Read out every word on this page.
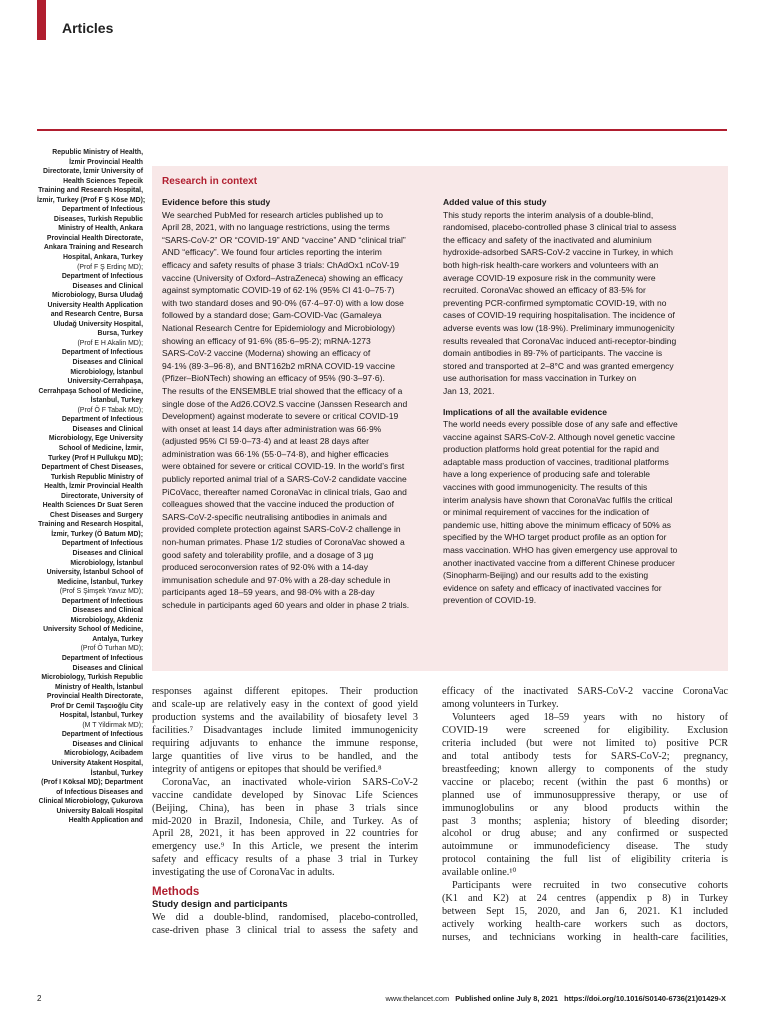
Articles
Republic Ministry of Health,
İzmir Provincial Health
Directorate, İzmir University of
Health Sciences Tepecik
Training and Research Hospital,
İzmir, Turkey (Prof F Ş Köse MD);
Department of Infectious
Diseases, Turkish Republic
Ministry of Health, Ankara
Provincial Health Directorate,
Ankara Training and Research
Hospital, Ankara, Turkey
(Prof F Ş Erdinç MD);
Department of Infectious
Diseases and Clinical
Microbiology, Bursa Uludağ
University Health Application
and Research Centre, Bursa
Uludağ University Hospital,
Bursa, Turkey
(Prof E H Akalin MD);
Department of Infectious
Diseases and Clinical
Microbiology, İstanbul
University-Cerrahpaşa,
Cerrahpaşa School of Medicine,
İstanbul, Turkey
(Prof Ö F Tabak MD);
Department of Infectious
Diseases and Clinical
Microbiology, Ege University
School of Medicine, İzmir,
Turkey (Prof H Pullukçu MD);
Department of Chest Diseases,
Turkish Republic Ministry of
Health, İzmir Provincial Health
Directorate, University of
Health Sciences Dr Suat Seren
Chest Diseases and Surgery
Training and Research Hospital,
İzmir, Turkey (Ö Batum MD);
Department of Infectious
Diseases and Clinical
Microbiology, İstanbul
University, İstanbul School of
Medicine, İstanbul, Turkey
(Prof S Şimşek Yavuz MD);
Department of Infectious
Diseases and Clinical
Microbiology, Akdeniz
University School of Medicine,
Antalya, Turkey
(Prof Ö Turhan MD);
Department of Infectious
Diseases and Clinical
Microbiology, Turkish Republic
Ministry of Health, İstanbul
Provincial Health Directorate,
Prof Dr Cemil Taşcıoğlu City
Hospital, İstanbul, Turkey
(M T Yildirmak MD);
Department of Infectious
Diseases and Clinical
Microbiology, Acibadem
University Atakent Hospital,
İstanbul, Turkey
(Prof I Köksal MD); Department
of Infectious Diseases and
Clinical Microbiology, Çukurova
University Balcali Hospital
Health Application and
Research in context
Evidence before this study
We searched PubMed for research articles published up to
April 28, 2021, with no language restrictions, using the terms
“SARS-CoV-2” OR “COVID-19” AND “vaccine” AND “clinical trial”
AND “efficacy”. We found four articles reporting the interim
efficacy and safety results of phase 3 trials: ChAdOx1 nCoV-19
vaccine (University of Oxford–AstraZeneca) showing an efficacy
against symptomatic COVID-19 of 62·1% (95% CI 41·0–75·7)
with two standard doses and 90·0% (67·4–97·0) with a low dose
followed by a standard dose; Gam-COVID-Vac (Gamaleya
National Research Centre for Epidemiology and Microbiology)
showing an efficacy of 91·6% (85·6–95·2); mRNA-1273
SARS-CoV-2 vaccine (Moderna) showing an efficacy of
94·1% (89·3–96·8), and BNT162b2 mRNA COVID-19 vaccine
(Pfizer–BioNTech) showing an efficacy of 95% (90·3–97·6).
The results of the ENSEMBLE trial showed that the efficacy of a
single dose of the Ad26.COV2.S vaccine (Janssen Research and
Development) against moderate to severe or critical COVID-19
with onset at least 14 days after administration was 66·9%
(adjusted 95% CI 59·0–73·4) and at least 28 days after
administration was 66·1% (55·0–74·8), and higher efficacies
were obtained for severe or critical COVID-19. In the world’s first
publicly reported animal trial of a SARS-CoV-2 candidate vaccine
PiCoVacc, thereafter named CoronaVac in clinical trials, Gao and
colleagues showed that the vaccine induced the production of
SARS-CoV-2-specific neutralising antibodies in animals and
provided complete protection against SARS-CoV-2 challenge in
non-human primates. Phase 1/2 studies of CoronaVac showed a
good safety and tolerability profile, and a dosage of 3 µg
produced seroconversion rates of 92·0% with a 14-day
immunisation schedule and 97·0% with a 28-day schedule in
participants aged 18–59 years, and 98·0% with a 28-day
schedule in participants aged 60 years and older in phase 2 trials.
Added value of this study
This study reports the interim analysis of a double-blind,
randomised, placebo-controlled phase 3 clinical trial to assess
the efficacy and safety of the inactivated and aluminium
hydroxide-adsorbed SARS-CoV-2 vaccine in Turkey, in which
both high-risk health-care workers and volunteers with an
average COVID-19 exposure risk in the community were
recruited. CoronaVac showed an efficacy of 83·5% for
preventing PCR-confirmed symptomatic COVID-19, with no
cases of COVID-19 requiring hospitalisation. The incidence of
adverse events was low (18·9%). Preliminary immunogenicity
results revealed that CoronaVac induced anti-receptor-binding
domain antibodies in 89·7% of participants. The vaccine is
stored and transported at 2–8°C and was granted emergency
use authorisation for mass vaccination in Turkey on
Jan 13, 2021.
Implications of all the available evidence
The world needs every possible dose of any safe and effective
vaccine against SARS-CoV-2. Although novel genetic vaccine
production platforms hold great potential for the rapid and
adaptable mass production of vaccines, traditional platforms
have a long experience of producing safe and tolerable
vaccines with good immunogenicity. The results of this
interim analysis have shown that CoronaVac fulfils the critical
or minimal requirement of vaccines for the indication of
pandemic use, hitting above the minimum efficacy of 50% as
specified by the WHO target product profile as an option for
mass vaccination. WHO has given emergency use approval to
another inactivated vaccine from a different Chinese producer
(Sinopharm-Beijing) and our results add to the existing
evidence on safety and efficacy of inactivated vaccines for
prevention of COVID-19.
responses against different epitopes. Their production
and scale-up are relatively easy in the context of good yield
production systems and the availability of biosafety level 3
facilities.⁷ Disadvantages include limited immunogenicity
requiring adjuvants to enhance the immune response,
large quantities of live virus to be handled, and the
integrity of antigens or epitopes that should be verified.⁸
CoronaVac, an inactivated whole-virion SARS-CoV-2
vaccine candidate developed by Sinovac Life Sciences
(Beijing, China), has been in phase 3 trials since
mid-2020 in Brazil, Indonesia, Chile, and Turkey. As of
April 28, 2021, it has been approved in 22 countries for
emergency use.⁹ In this Article, we present the interim
safety and efficacy results of a phase 3 trial in Turkey
investigating the use of CoronaVac in adults.
Methods
Study design and participants
We did a double-blind, randomised, placebo-controlled,
case-driven phase 3 clinical trial to assess the safety and
efficacy of the inactivated SARS-CoV-2 vaccine CoronaVac
among volunteers in Turkey.
Volunteers aged 18–59 years with no history of
COVID-19 were screened for eligibility. Exclusion
criteria included (but were not limited to) positive PCR
and total antibody tests for SARS-CoV-2; pregnancy,
breastfeeding; known allergy to components of the study
vaccine or placebo; recent (within the past 6 months) or
planned use of immunosuppressive therapy, or use of
immunoglobulins or any blood products within the
past 3 months; asplenia; history of bleeding disorder;
alcohol or drug abuse; and any confirmed or suspected
autoimmune or immunodeficiency disease. The study
protocol containing the full list of eligibility criteria is
available online.¹⁰
Participants were recruited in two consecutive cohorts
(K1 and K2) at 24 centres (appendix p 8) in Turkey
between Sept 15, 2020, and Jan 6, 2021. K1 included
actively working health-care workers such as doctors,
nurses, and technicians working in health-care facilities,
2	www.thelancet.com Published online July 8, 2021 https://doi.org/10.1016/S0140-6736(21)01429-X
